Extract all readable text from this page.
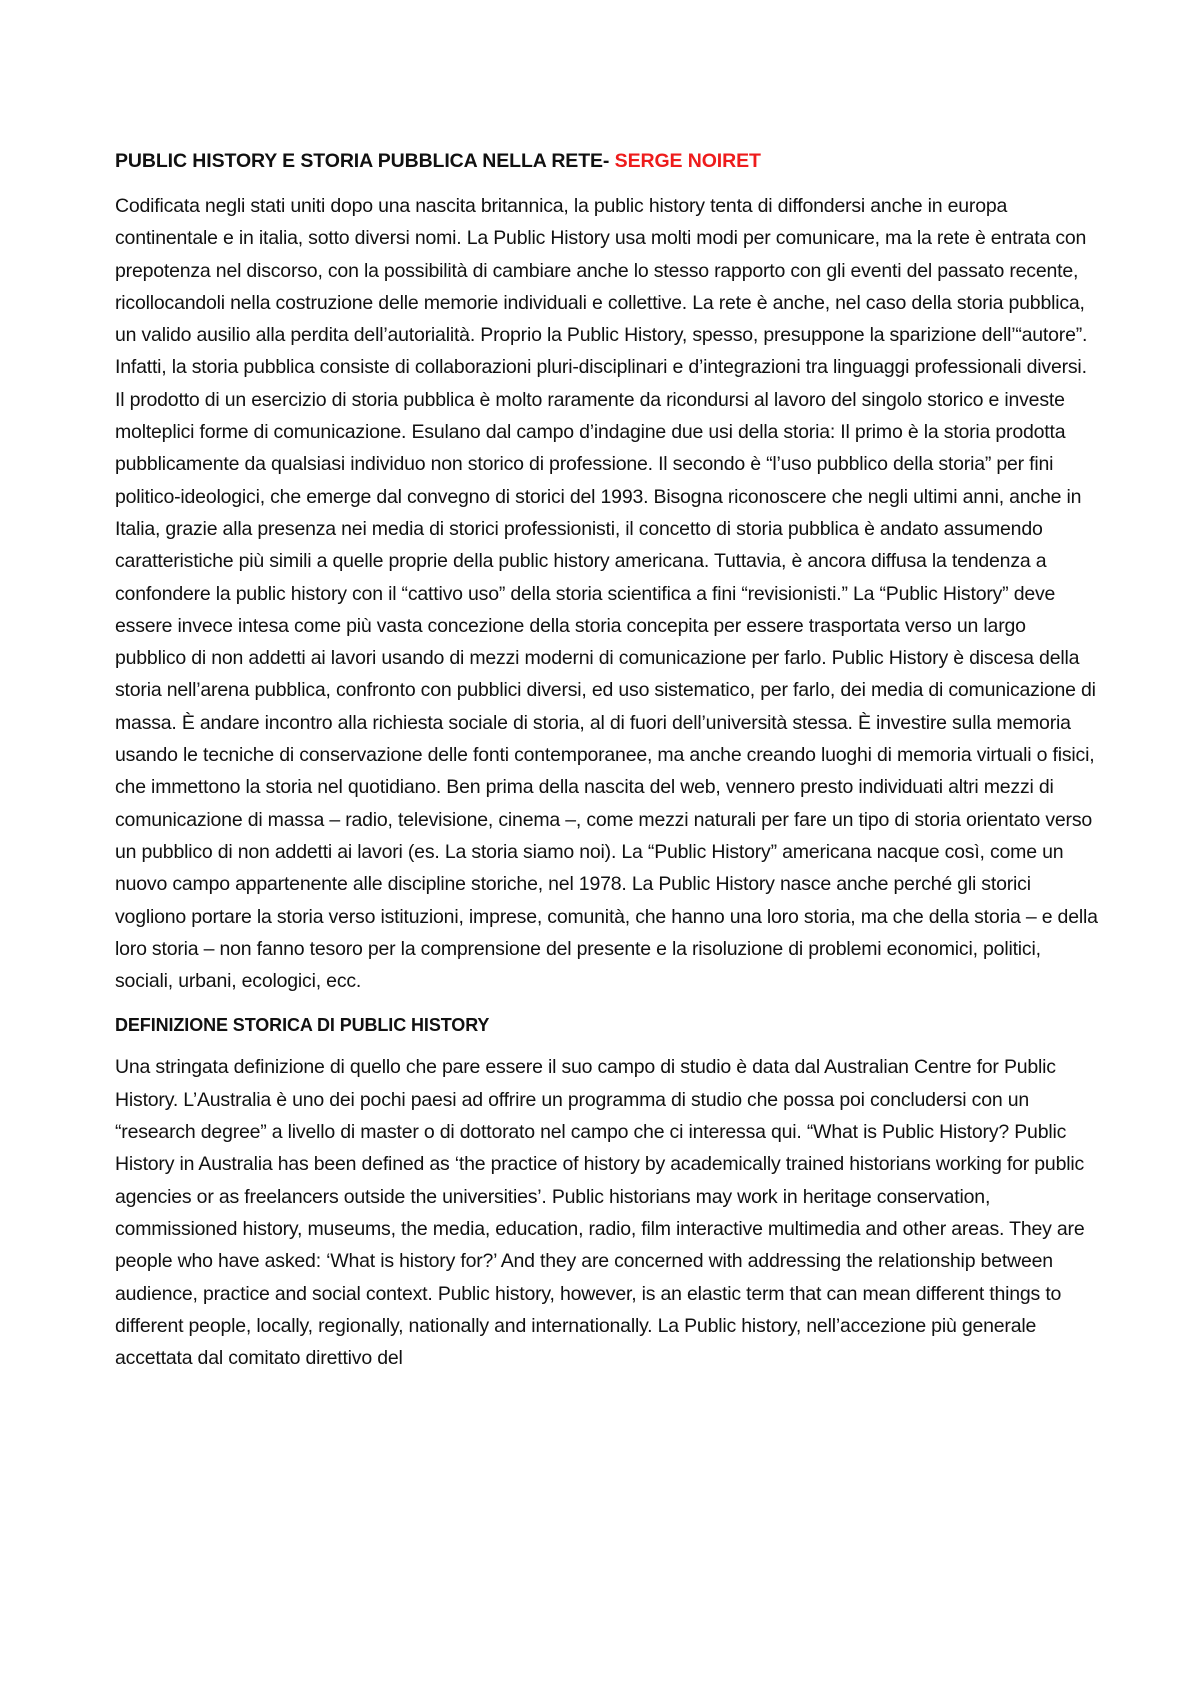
PUBLIC HISTORY E STORIA PUBBLICA NELLA RETE- SERGE NOIRET

Codificata negli stati uniti dopo una nascita britannica, la public history tenta di diffondersi anche in europa continentale e in italia, sotto diversi nomi. La Public History usa molti modi per comunicare, ma la rete è entrata con prepotenza nel discorso, con la possibilità di cambiare anche lo stesso rapporto con gli eventi del passato recente, ricollocandoli nella costruzione delle memorie individuali e collettive. La rete è anche, nel caso della storia pubblica, un valido ausilio alla perdita dell’autorialità. Proprio la Public History, spesso, presuppone la sparizione dell’“autore”. Infatti, la storia pubblica consiste di collaborazioni pluri-disciplinari e d’integrazioni tra linguaggi professionali diversi. Il prodotto di un esercizio di storia pubblica è molto raramente da ricondursi al lavoro del singolo storico e investe molteplici forme di comunicazione. Esulano dal campo d’indagine due usi della storia: Il primo è la storia prodotta pubblicamente da qualsiasi individuo non storico di professione. Il secondo è “l’uso pubblico della storia” per fini politico-ideologici, che emerge dal convegno di storici del 1993. Bisogna riconoscere che negli ultimi anni, anche in Italia, grazie alla presenza nei media di storici professionisti, il concetto di storia pubblica è andato assumendo caratteristiche più simili a quelle proprie della public history americana. Tuttavia, è ancora diffusa la tendenza a confondere la public history con il “cattivo uso” della storia scientifica a fini “revisionisti.” La “Public History” deve essere invece intesa come più vasta concezione della storia concepita per essere trasportata verso un largo pubblico di non addetti ai lavori usando di mezzi moderni di comunicazione per farlo. Public History è discesa della storia nell’arena pubblica, confronto con pubblici diversi, ed uso sistematico, per farlo, dei media di comunicazione di massa. È andare incontro alla richiesta sociale di storia, al di fuori dell’università stessa. È investire sulla memoria usando le tecniche di conservazione delle fonti contemporanee, ma anche creando luoghi di memoria virtuali o fisici, che immettono la storia nel quotidiano. Ben prima della nascita del web, vennero presto individuati altri mezzi di comunicazione di massa – radio, televisione, cinema –, come mezzi naturali per fare un tipo di storia orientato verso un pubblico di non addetti ai lavori (es. La storia siamo noi). La “Public History” americana nacque così, come un nuovo campo appartenente alle discipline storiche, nel 1978. La Public History nasce anche perché gli storici vogliono portare la storia verso istituzioni, imprese, comunità, che hanno una loro storia, ma che della storia – e della loro storia – non fanno tesoro per la comprensione del presente e la risoluzione di problemi economici, politici, sociali, urbani, ecologici, ecc.

DEFINIZIONE STORICA DI PUBLIC HISTORY

Una stringata definizione di quello che pare essere il suo campo di studio è data dal Australian Centre for Public History. L’Australia è uno dei pochi paesi ad offrire un programma di studio che possa poi concludersi con un “research degree” a livello di master o di dottorato nel campo che ci interessa qui. “What is Public History? Public History in Australia has been defined as ‘the practice of history by academically trained historians working for public agencies or as freelancers outside the universities’. Public historians may work in heritage conservation, commissioned history, museums, the media, education, radio, film interactive multimedia and other areas. They are people who have asked: ‘What is history for?’ And they are concerned with addressing the relationship between audience, practice and social context. Public history, however, is an elastic term that can mean different things to different people, locally, regionally, nationally and internationally. La Public history, nell’accezione più generale accettata dal comitato direttivo del
